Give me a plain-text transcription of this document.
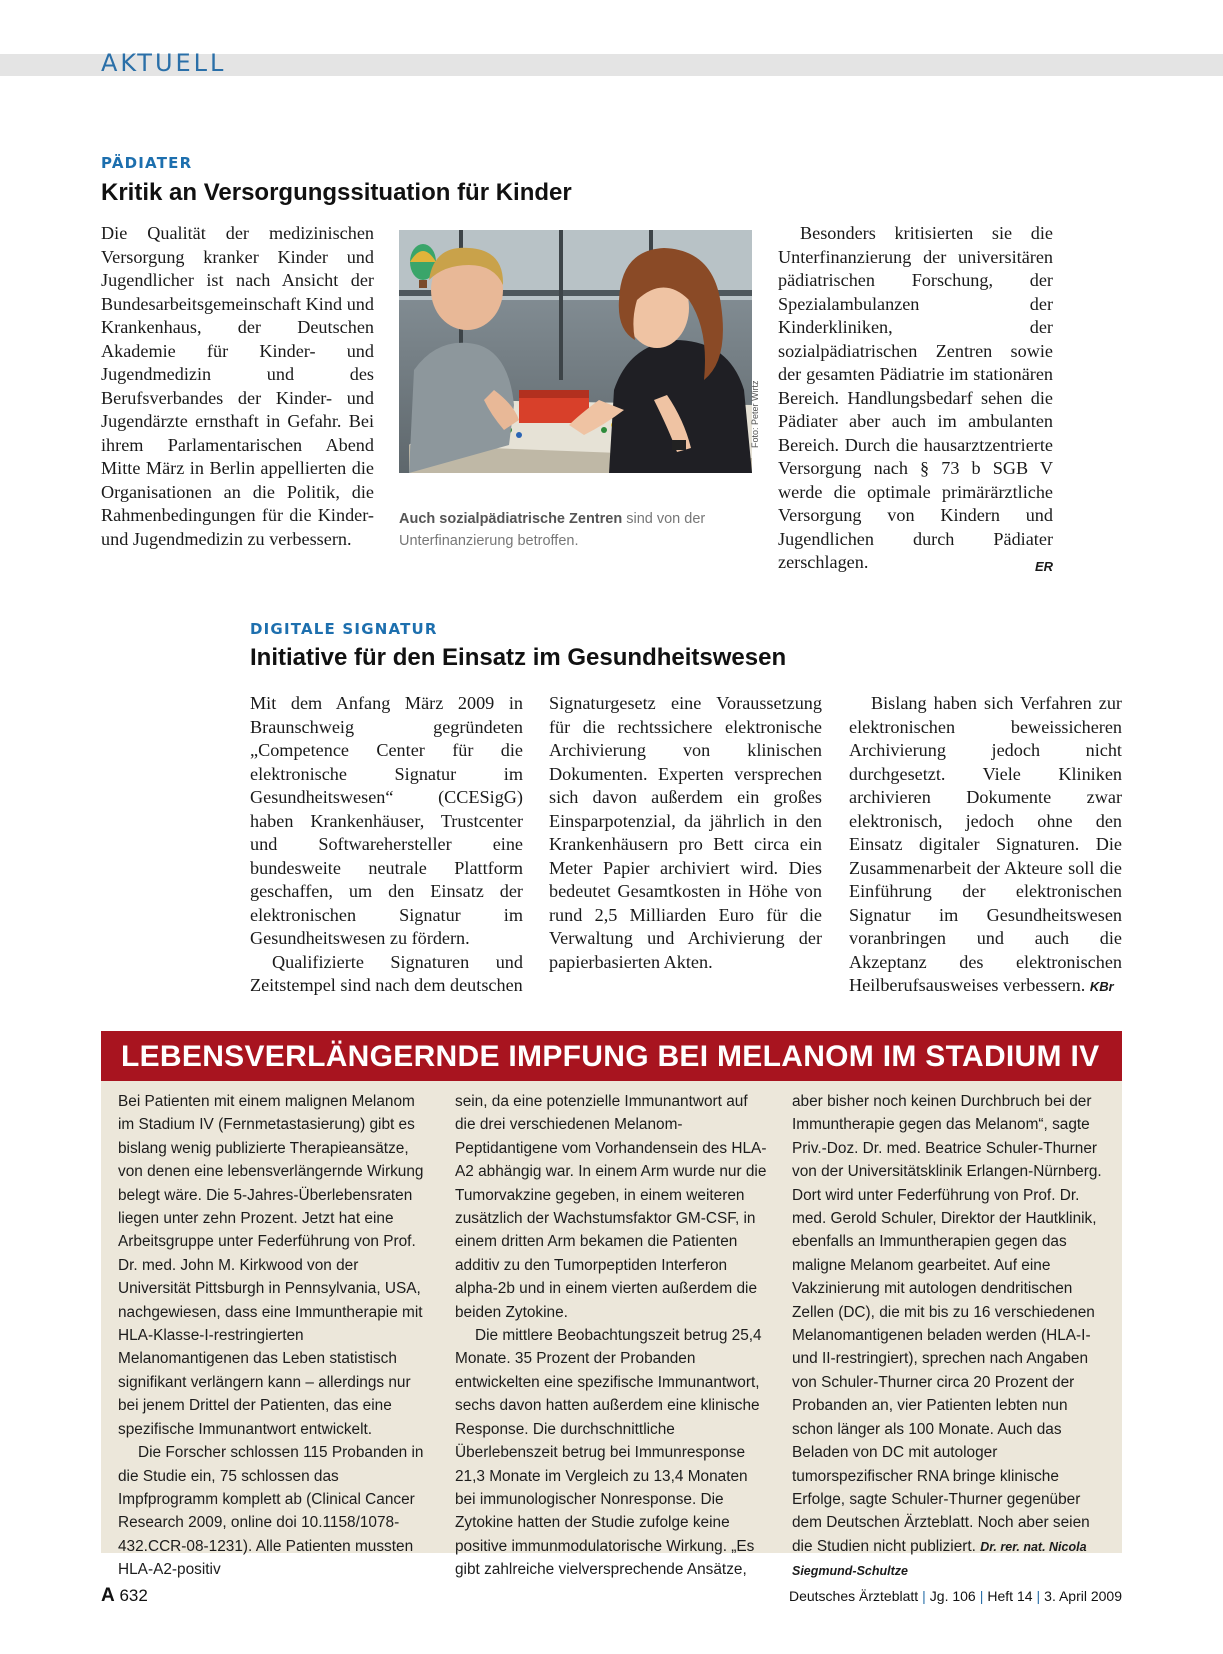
AKTUELL
PÄDIATER
Kritik an Versorgungssituation für Kinder

Die Qualität der medizinischen Versorgung kranker Kinder und Jugendlicher ist nach Ansicht der Bundesarbeitsgemeinschaft Kind und Krankenhaus, der Deutschen Akademie für Kinder- und Jugendmedizin und des Berufsverbandes der Kinder- und Jugendärzte ernsthaft in Gefahr. Bei ihrem Parlamentarischen Abend Mitte März in Berlin appellierten die Organisationen an die Politik, die Rahmenbedingungen für die Kinder- und Jugendmedizin zu verbessern.

Foto: Peter Wirtz
Auch sozialpädiatrische Zentren sind von der Unterfinanzierung betroffen.

Besonders kritisierten sie die Unterfinanzierung der universitären pädiatrischen Forschung, der Spezialambulanzen der Kinderkliniken, der sozialpädiatrischen Zentren sowie der gesamten Pädiatrie im stationären Bereich. Handlungsbedarf sehen die Pädiater aber auch im ambulanten Bereich. Durch die hausarztzentrierte Versorgung nach § 73 b SGB V werde die optimale primärärztliche Versorgung von Kindern und Jugendlichen durch Pädiater zerschlagen.	ER

DIGITALE SIGNATUR
Initiative für den Einsatz im Gesundheitswesen

Mit dem Anfang März 2009 in Braunschweig gegründeten „Competence Center für die elektronische Signatur im Gesundheitswesen“ (CCESigG) haben Krankenhäuser, Trustcenter und Softwarehersteller eine bundesweite neutrale Plattform geschaffen, um den Einsatz der elektronischen Signatur im Gesundheitswesen zu fördern.

Qualifizierte Signaturen und Zeitstempel sind nach dem deutschen

Signaturgesetz eine Voraussetzung für die rechtssichere elektronische Archivierung von klinischen Dokumenten. Experten versprechen sich davon außerdem ein großes Einsparpotenzial, da jährlich in den Krankenhäusern pro Bett circa ein Meter Papier archiviert wird. Dies bedeutet Gesamtkosten in Höhe von rund 2,5 Milliarden Euro für die Verwaltung und Archivierung der papierbasierten Akten.

Bislang haben sich Verfahren zur elektronischen beweissicheren Archivierung jedoch nicht durchgesetzt. Viele Kliniken archivieren Dokumente zwar elektronisch, jedoch ohne den Einsatz digitaler Signaturen. Die Zusammenarbeit der Akteure soll die Einführung der elektronischen Signatur im Gesundheitswesen voranbringen und auch die Akzeptanz des elektronischen Heilberufsausweises verbessern. KBr

LEBENSVERLÄNGERNDE IMPFUNG BEI MELANOM IM STADIUM IV

Bei Patienten mit einem malignen Melanom im Stadium IV (Fernmetastasierung) gibt es bislang wenig publizierte Therapieansätze, von denen eine lebensverlängernde Wirkung belegt wäre. Die 5-Jahres-Überlebensraten liegen unter zehn Prozent. Jetzt hat eine Arbeitsgruppe unter Federführung von Prof. Dr. med. John M. Kirkwood von der Universität Pittsburgh in Pennsylvania, USA, nachgewiesen, dass eine Immuntherapie mit HLA-Klasse-I-restringierten Melanomantigenen das Leben statistisch signifikant verlängern kann – allerdings nur bei jenem Drittel der Patienten, das eine spezifische Immunantwort entwickelt.

Die Forscher schlossen 115 Probanden in die Studie ein, 75 schlossen das Impfprogramm komplett ab (Clinical Cancer Research 2009, online doi 10.1158/1078-432.CCR-08-1231). Alle Patienten mussten HLA-A2-positiv

sein, da eine potenzielle Immunantwort auf die drei verschiedenen Melanom-Peptidantigene vom Vorhandensein des HLA-A2 abhängig war. In einem Arm wurde nur die Tumorvakzine gegeben, in einem weiteren zusätzlich der Wachstumsfaktor GM-CSF, in einem dritten Arm bekamen die Patienten additiv zu den Tumorpeptiden Interferon alpha-2b und in einem vierten außerdem die beiden Zytokine.

Die mittlere Beobachtungszeit betrug 25,4 Monate. 35 Prozent der Probanden entwickelten eine spezifische Immunantwort, sechs davon hatten außerdem eine klinische Response. Die durchschnittliche Überlebenszeit betrug bei Immunresponse 21,3 Monate im Vergleich zu 13,4 Monaten bei immunologischer Nonresponse. Die Zytokine hatten der Studie zufolge keine positive immunmodulatorische Wirkung. „Es gibt zahlreiche vielversprechende Ansätze,

aber bisher noch keinen Durchbruch bei der Immuntherapie gegen das Melanom“, sagte Priv.-Doz. Dr. med. Beatrice Schuler-Thurner von der Universitätsklinik Erlangen-Nürnberg. Dort wird unter Federführung von Prof. Dr. med. Gerold Schuler, Direktor der Hautklinik, ebenfalls an Immuntherapien gegen das maligne Melanom gearbeitet. Auf eine Vakzinierung mit autologen dendritischen Zellen (DC), die mit bis zu 16 verschiedenen Melanomantigenen beladen werden (HLA-I- und II-restringiert), sprechen nach Angaben von Schuler-Thurner circa 20 Prozent der Probanden an, vier Patienten lebten nun schon länger als 100 Monate. Auch das Beladen von DC mit autologer tumorspezifischer RNA bringe klinische Erfolge, sagte Schuler-Thurner gegenüber dem Deutschen Ärzteblatt. Noch aber seien die Studien nicht publiziert. Dr. rer. nat. Nicola Siegmund-Schultze

A 632	Deutsches Ärzteblatt | Jg. 106 | Heft 14 | 3. April 2009
